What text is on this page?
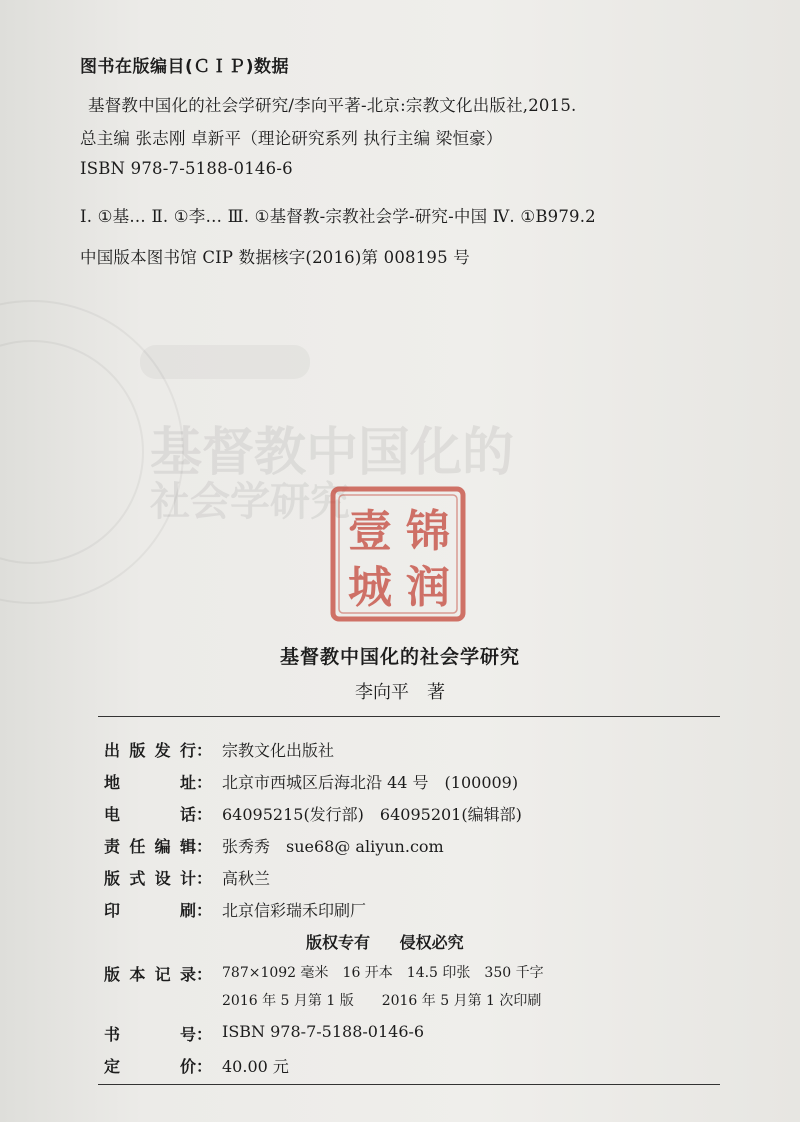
基督教中国化的
社会学研究
图书在版编目(ＣＩＰ)数据
基督教中国化的社会学研究/李向平著-北京:宗教文化出版社,2015.
总主编 张志刚 卓新平（理论研究系列 执行主编 梁恒豪）
ISBN 978-7-5188-0146-6
Ⅰ. ①基… Ⅱ. ①李… Ⅲ. ①基督教-宗教社会学-研究-中国 Ⅳ. ①B979.2
中国版本图书馆 CIP 数据核字(2016)第 008195 号
锦
壹
润
城
基督教中国化的社会学研究
李向平　著
出版发行 ： 宗教文化出版社
地　址 ： 北京市西城区后海北沿 44 号　(100009)
电　话 ： 64095215(发行部)　64095201(编辑部)
责任编辑 ： 张秀秀　sue68@ aliyun.com
版式设计 ： 高秋兰
印　刷 ： 北京信彩瑞禾印刷厂
版权专有 侵权必究
版本记录 ： 787×1092 毫米　16 开本　14.5 印张　350 千字
2016 年 5 月第 1 版　　2016 年 5 月第 1 次印刷
书　号 ： ISBN 978-7-5188-0146-6
定　价 ： 40.00 元
